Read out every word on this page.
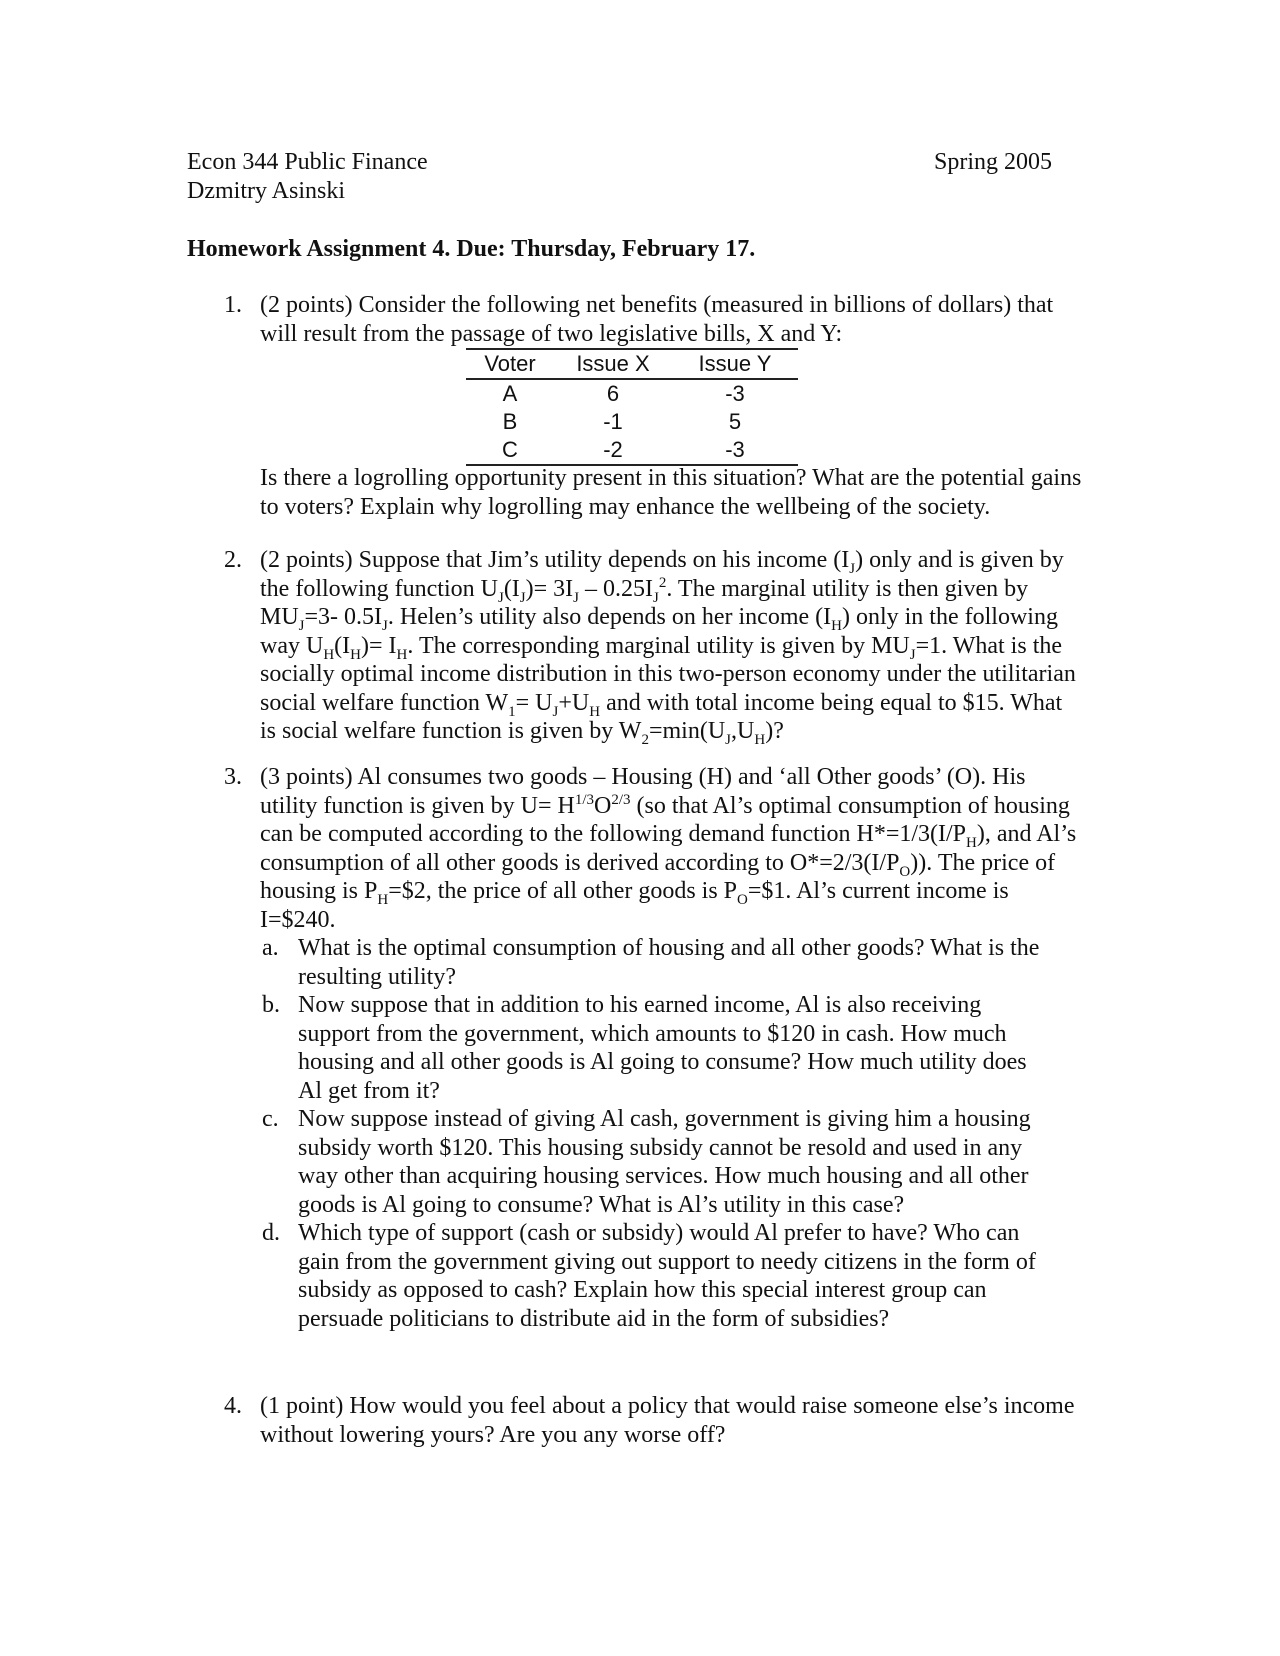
Econ 344 Public Finance
Dzmitry Asinski
Spring 2005
Homework Assignment 4. Due: Thursday, February 17.
1. (2 points) Consider the following net benefits (measured in billions of dollars) that will result from the passage of two legislative bills, X and Y:

Voter	Issue X	Issue Y
A	6	-3
B	-1	5
C	-2	-3

Is there a logrolling opportunity present in this situation? What are the potential gains to voters? Explain why logrolling may enhance the wellbeing of the society.

2. (2 points) Suppose that Jim’s utility depends on his income $(I_J)$ only and is given by the following function $U_J(I_J)= 3I_J - 0.25I_J^2$. The marginal utility is then given by $MU_J=3-$ $0.5I_J$. Helen’s utility also depends on her income $(I_H)$ only in the following way $U_H(I_H)= I_H$. The corresponding marginal utility is given by $MU_J=1$. What is the socially optimal income distribution in this two-person economy under the utilitarian social welfare function $W_1= U_J+U_H$ and with total income being equal to $15. What is social welfare function is given by $W_2=\min(U_J,U_H)$?

3. (3 points) Al consumes two goods – Housing (H) and ‘all Other goods’ (O). His utility function is given by $U= H^{1/3}O^{2/3}$ (so that Al’s optimal consumption of housing can be computed according to the following demand function $H*=1/3(I/P_H)$, and Al’s consumption of all other goods is derived according to $O*=2/3(I/P_O)$). The price of housing is $P_H=\$2$, the price of all other goods is $P_O=\$1$. Al’s current income is I=$240.

a. What is the optimal consumption of housing and all other goods? What is the resulting utility?
b. Now suppose that in addition to his earned income, Al is also receiving support from the government, which amounts to $120 in cash. How much housing and all other goods is Al going to consume? How much utility does Al get from it?
c. Now suppose instead of giving Al cash, government is giving him a housing subsidy worth $120. This housing subsidy cannot be resold and used in any way other than acquiring housing services. How much housing and all other goods is Al going to consume? What is Al’s utility in this case?
d. Which type of support (cash or subsidy) would Al prefer to have? Who can gain from the government giving out support to needy citizens in the form of subsidy as opposed to cash? Explain how this special interest group can persuade politicians to distribute aid in the form of subsidies?
4. (1 point) How would you feel about a policy that would raise someone else’s income without lowering yours? Are you any worse off?
